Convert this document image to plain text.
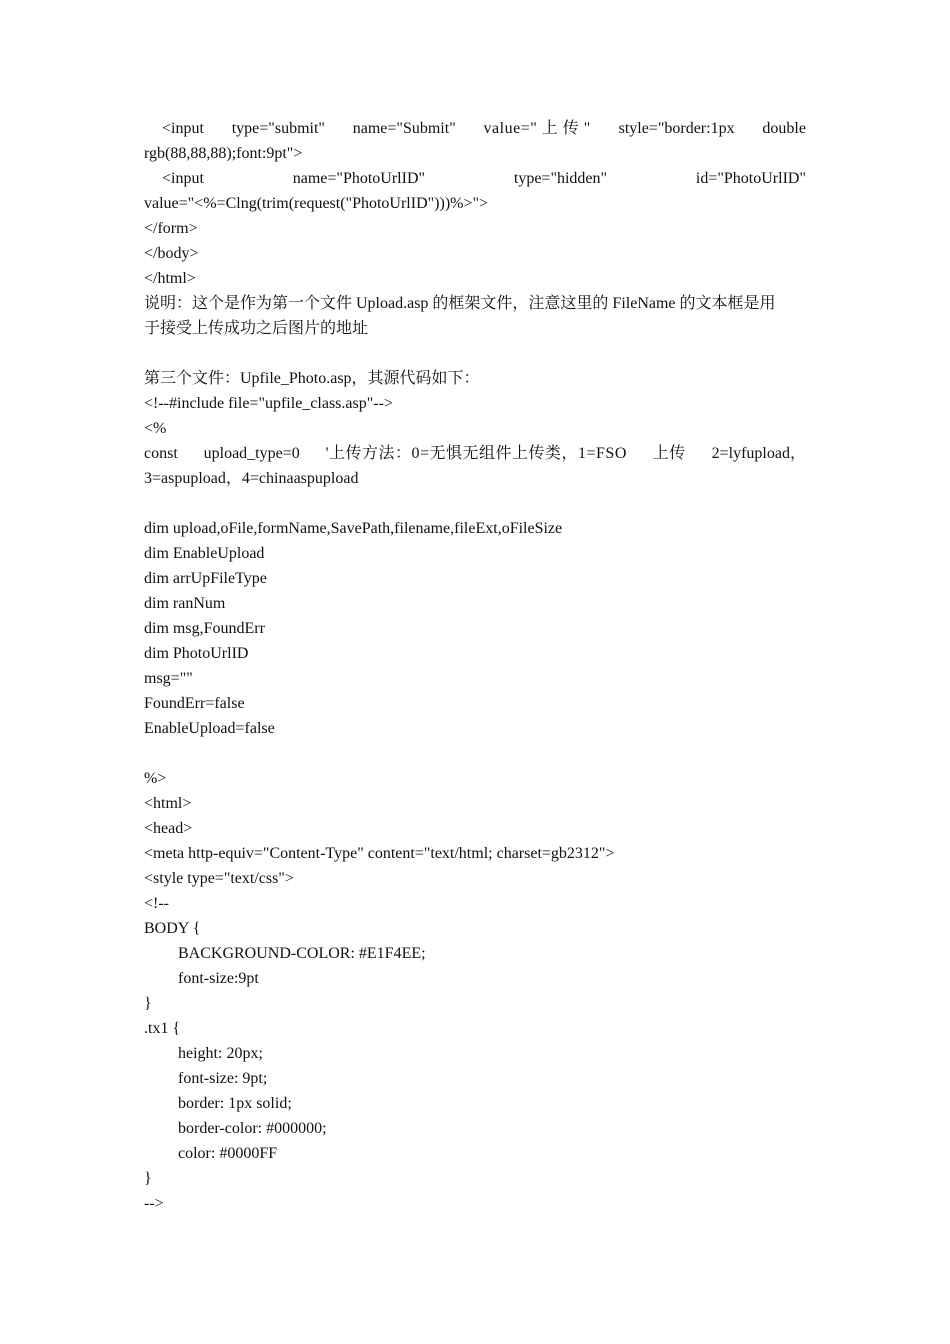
<input type="submit" name="Submit" value=" 上 传 " style="border:1px double
rgb(88,88,88);font:9pt">
<input	name="PhotoUrlID"	type="hidden"	id="PhotoUrlID"
value="<%=Clng(trim(request("PhotoUrlID")))%>">
</form>
</body>
</html>
说明：这个是作为第一个文件 Upload.asp 的框架文件，注意这里的 FileName 的文本框是用
于接受上传成功之后图片的地址
第三个文件：Upfile_Photo.asp，其源代码如下：
<!--#include file="upfile_class.asp"-->
<%
const upload_type=0 '上传方法：0=无惧无组件上传类，1=FSO 上传 2=lyfupload，
3=aspupload，4=chinaaspupload
dim upload,oFile,formName,SavePath,filename,fileExt,oFileSize
dim EnableUpload
dim arrUpFileType
dim ranNum
dim msg,FoundErr
dim PhotoUrlID
msg=""
FoundErr=false
EnableUpload=false
%>
<html>
<head>
<meta http-equiv="Content-Type" content="text/html; charset=gb2312">
<style type="text/css">
<!--
BODY {
BACKGROUND-COLOR: #E1F4EE;
font-size:9pt
}
.tx1 {
height: 20px;
font-size: 9pt;
border: 1px solid;
border-color: #000000;
color: #0000FF
}
-->
